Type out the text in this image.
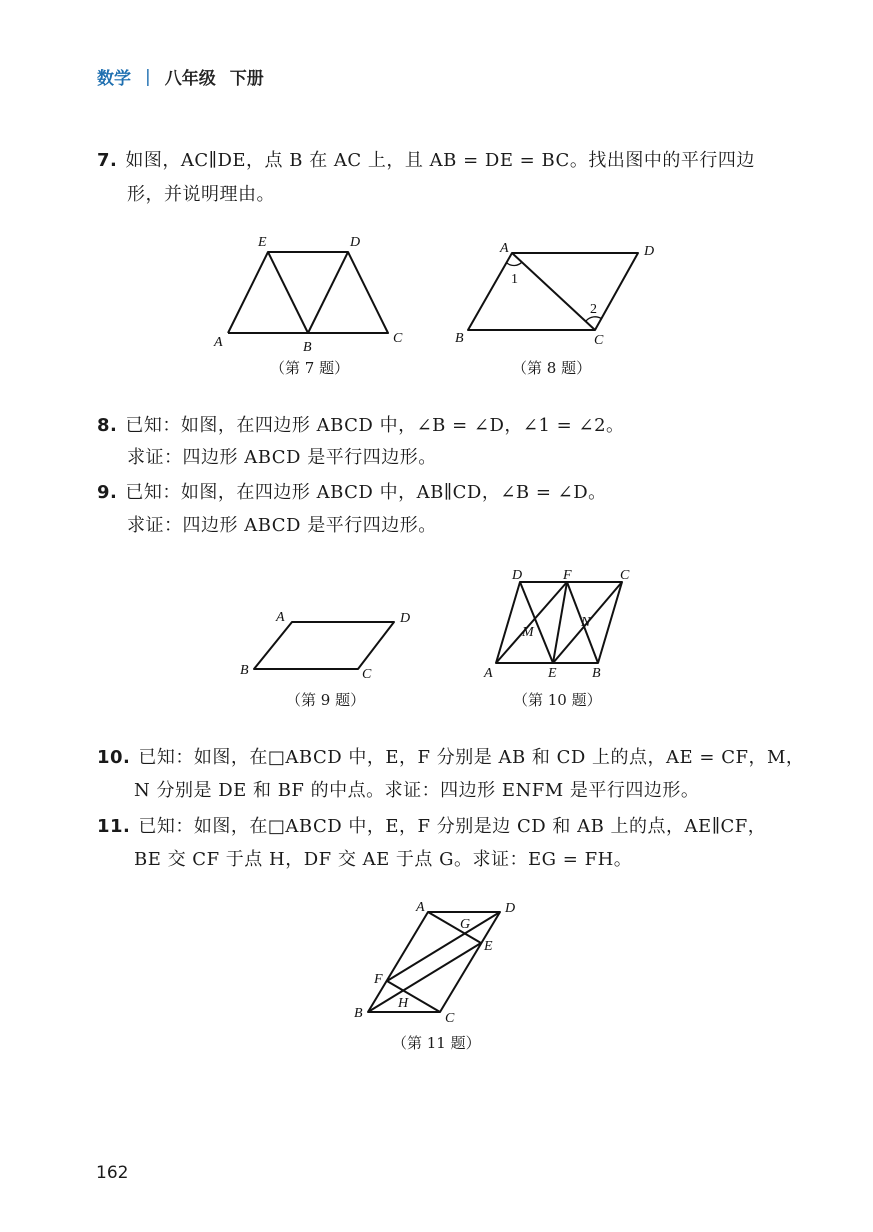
数学 | 八年级 下册
7. 如图，AC∥DE，点 B 在 AC 上，且 AB = DE = BC。找出图中的平行四边
形，并说明理由。
E	D
A	B
C
（第 7 题）
A	D
B	C
1
2
（第 8 题）
8. 已知：如图，在四边形 ABCD 中，∠B = ∠D，∠1 = ∠2。
求证：四边形 ABCD 是平行四边形。
9. 已知：如图，在四边形 ABCD 中，AB∥CD，∠B = ∠D。
求证：四边形 ABCD 是平行四边形。
A	D
B	C
（第 9 题）
D	F	C
M
N
A	E	B
（第 10 题）
10. 已知：如图，在□ABCD 中，E，F 分别是 AB 和 CD 上的点，AE = CF，M，
N 分别是 DE 和 BF 的中点。求证：四边形 ENFM 是平行四边形。
11. 已知：如图，在□ABCD 中，E，F 分别是边 CD 和 AB 上的点，AE∥CF，
BE 交 CF 于点 H，DF 交 AE 于点 G。求证：EG = FH。
A	D
G
E
F
H
B	C
（第 11 题）
162
